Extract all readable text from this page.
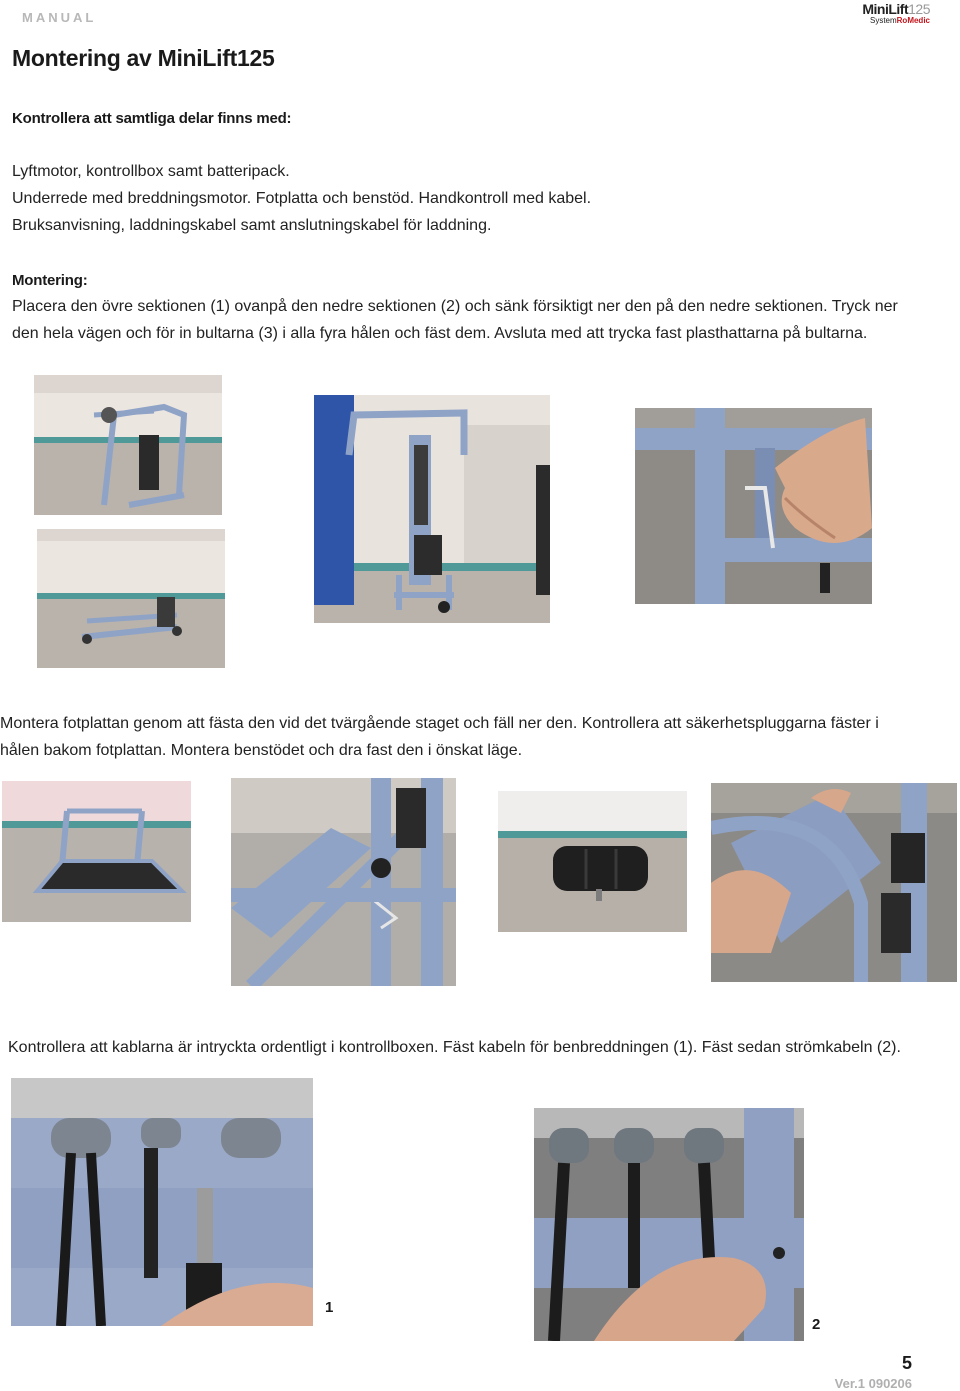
MANUAL
MiniLift125
SystemRoMedic
Montering av MiniLift125
Kontrollera att samtliga delar finns med:
Lyftmotor, kontrollbox samt batteripack.
Underrede med breddningsmotor. Fotplatta och benstöd. Handkontroll med kabel.
Bruksanvisning, laddningskabel samt anslutningskabel för laddning.
Montering:
Placera den övre sektionen (1) ovanpå den nedre sektionen (2) och sänk försiktigt ner den på den nedre sektionen. Tryck ner
den hela vägen och för in bultarna (3) i alla fyra hålen och fäst dem. Avsluta med att trycka fast plasthattarna på bultarna.
Montera fotplattan genom att fästa den vid det tvärgående staget och fäll ner den. Kontrollera att säkerhetspluggarna fäster i
hålen bakom fotplattan. Montera benstödet och dra fast den i önskat läge.
Kontrollera att kablarna är intryckta ordentligt i kontrollboxen. Fäst kabeln för benbreddningen (1). Fäst sedan strömkabeln (2).
1
2
5
Ver.1 090206
